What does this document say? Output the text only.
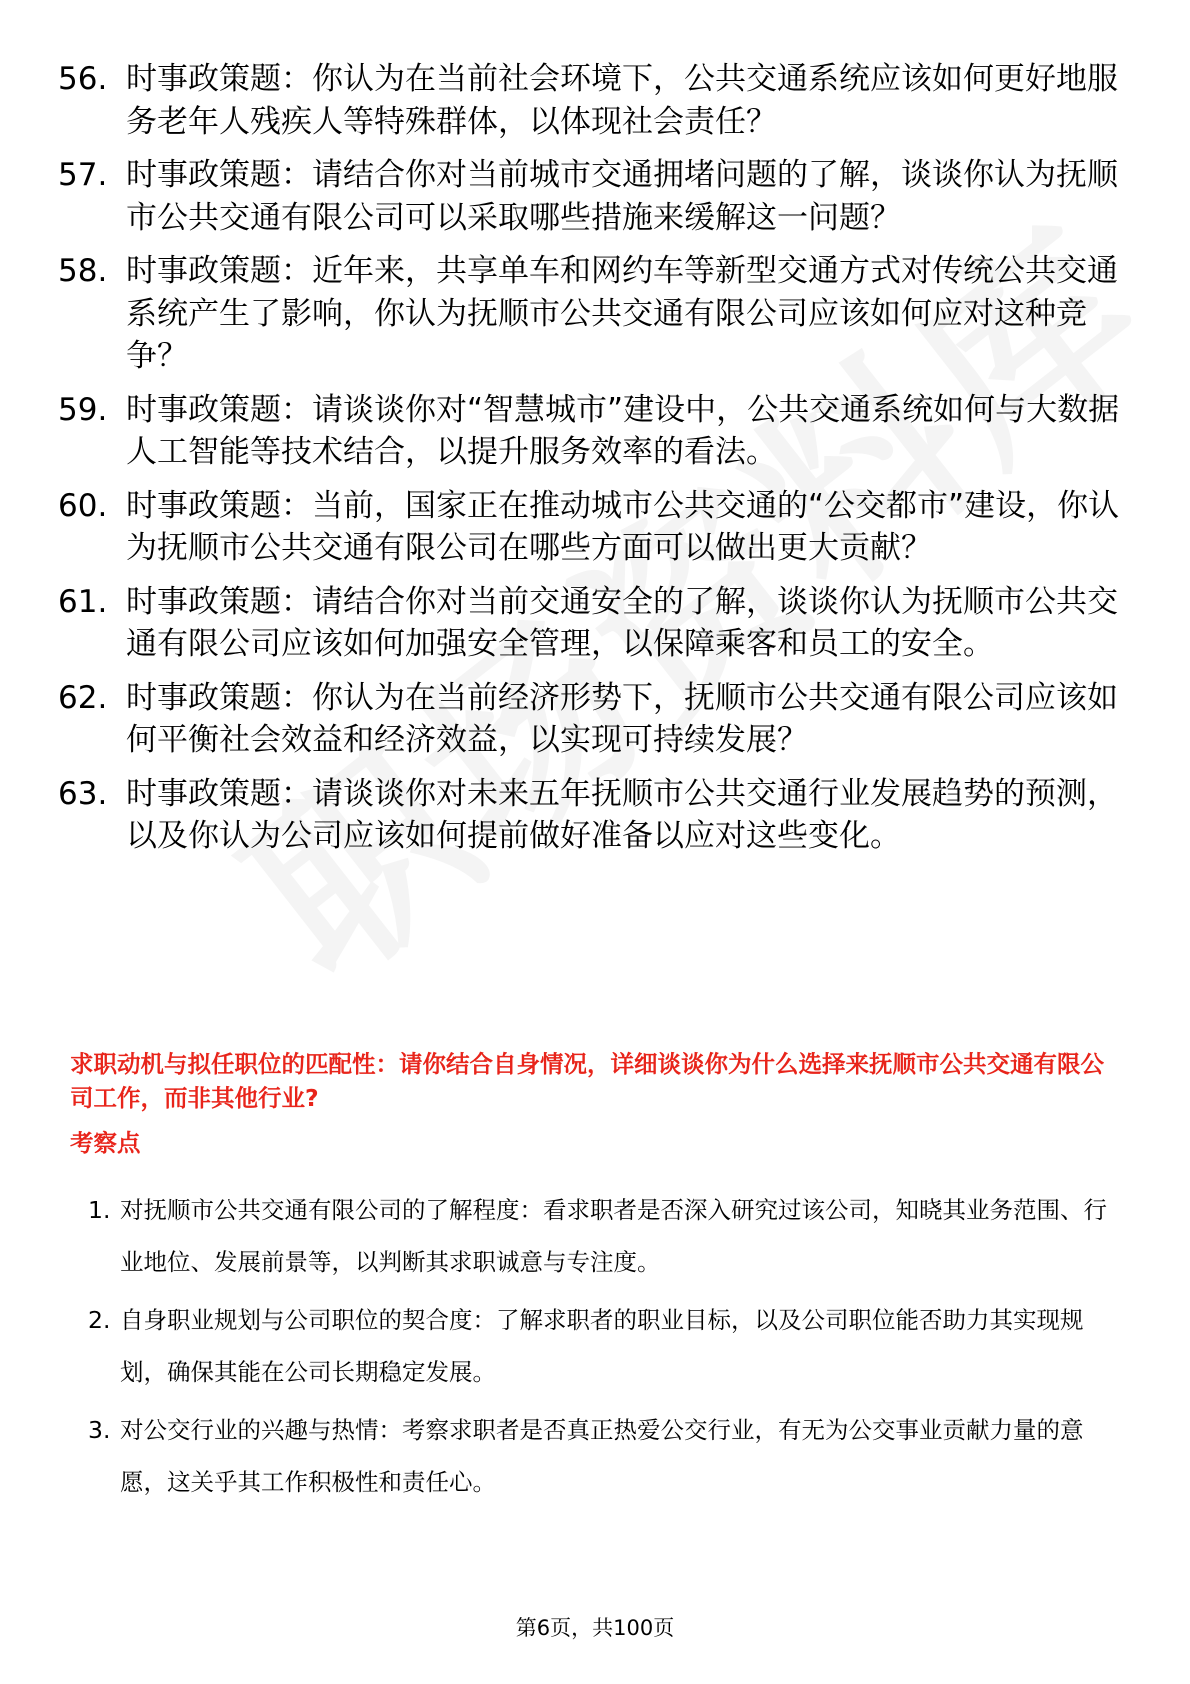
56. 时事政策题：你认为在当前社会环境下，公共交通系统应该如何更好地服务老年人残疾人等特殊群体，以体现社会责任？
57. 时事政策题：请结合你对当前城市交通拥堵问题的了解，谈谈你认为抚顺市公共交通有限公司可以采取哪些措施来缓解这一问题？
58. 时事政策题：近年来，共享单车和网约车等新型交通方式对传统公共交通系统产生了影响，你认为抚顺市公共交通有限公司应该如何应对这种竞争？
59. 时事政策题：请谈谈你对“智慧城市”建设中，公共交通系统如何与大数据人工智能等技术结合，以提升服务效率的看法。
60. 时事政策题：当前，国家正在推动城市公共交通的“公交都市”建设，你认为抚顺市公共交通有限公司在哪些方面可以做出更大贡献？
61. 时事政策题：请结合你对当前交通安全的了解，谈谈你认为抚顺市公共交通有限公司应该如何加强安全管理，以保障乘客和员工的安全。
62. 时事政策题：你认为在当前经济形势下，抚顺市公共交通有限公司应该如何平衡社会效益和经济效益，以实现可持续发展？
63. 时事政策题：请谈谈你对未来五年抚顺市公共交通行业发展趋势的预测，以及你认为公司应该如何提前做好准备以应对这些变化。
求职动机与拟任职位的匹配性：请你结合自身情况，详细谈谈你为什么选择来抚顺市公共交通有限公司工作，而非其他行业?
考察点
1. 对抚顺市公共交通有限公司的了解程度：看求职者是否深入研究过该公司，知晓其业务范围、行业地位、发展前景等，以判断其求职诚意与专注度。
2. 自身职业规划与公司职位的契合度：了解求职者的职业目标，以及公司职位能否助力其实现规划，确保其能在公司长期稳定发展。
3. 对公交行业的兴趣与热情：考察求职者是否真正热爱公交行业，有无为公交事业贡献力量的意愿，这关乎其工作积极性和责任心。
第6页，共100页
